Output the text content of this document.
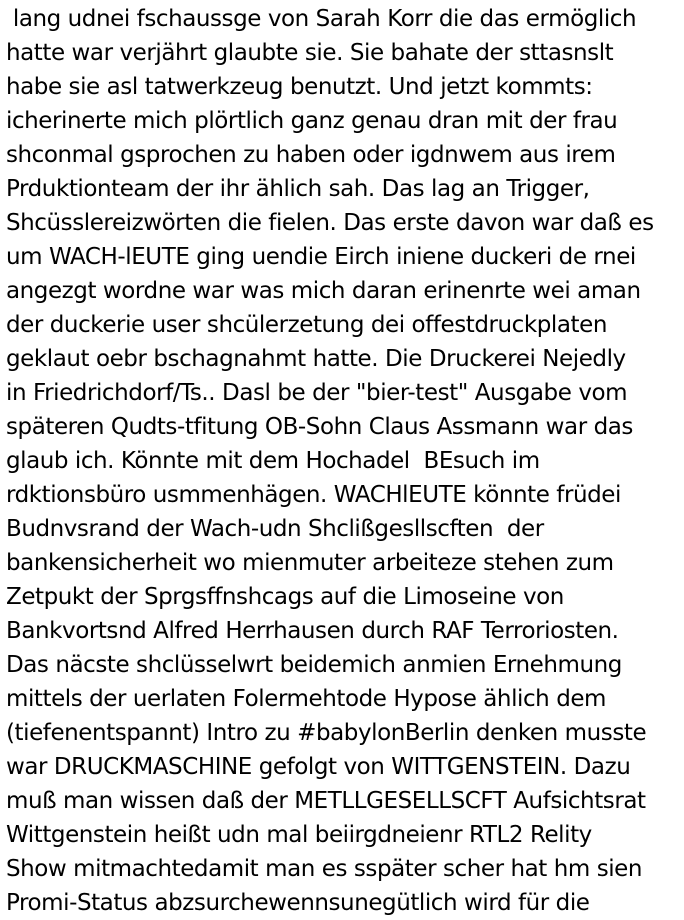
lang udnei fschaussge von Sarah Korr die das ermöglich
hatte war verjährt glaubte sie. Sie bahate der sttasnslt
habe sie asl tatwerkzeug benutzt. Und jetzt kommts:
icherinerte mich plörtlich ganz genau dran mit der frau
shconmal gsprochen zu haben oder igdnwem aus irem
Prduktionteam der ihr ählich sah. Das lag an Trigger,
Shcüsslereizwörten die fielen. Das erste davon war daß es
um WACH-lEUTE ging uendie Eirch iniene duckeri de rnei
angezgt wordne war was mich daran erinenrte wei aman
der duckerie user shcülerzetung dei offestdruckplaten
geklaut oebr bschagnahmt hatte. Die Druckerei Nejedly
in Friedrichdorf/Ts.. Dasl be der "bier-test" Ausgabe vom
späteren Qudts-tfitung OB-Sohn Claus Assmann war das
glaub ich. Könnte mit dem Hochadel  BEsuch im
rdktionsbüro usmmenhägen. WACHlEUTE könnte früdei
Budnvsrand der Wach-udn Shclißgesllscften  der
bankensicherheit wo mienmuter arbeiteze stehen zum
Zetpukt der Sprgsffnshcags auf die Limoseine von
Bankvortsnd Alfred Herrhausen durch RAF Terroriosten.
Das näcste shclüsselwrt beidemich anmien Ernehmung
mittels der uerlaten Folermehtode Hypose ählich dem
(tiefenentspannt) Intro zu #babylonBerlin denken musste
war DRUCKMASCHINE gefolgt von WITTGENSTEIN. Dazu
muß man wissen daß der METLLGESELLSCFT Aufsichtsrat
Wittgenstein heißt udn mal beiirgdneienr RTL2 Relity
Show mitmachtedamit man es sspäter scher hat hm sien
Promi-Status abzsurchewennsunegütlich wird für die
